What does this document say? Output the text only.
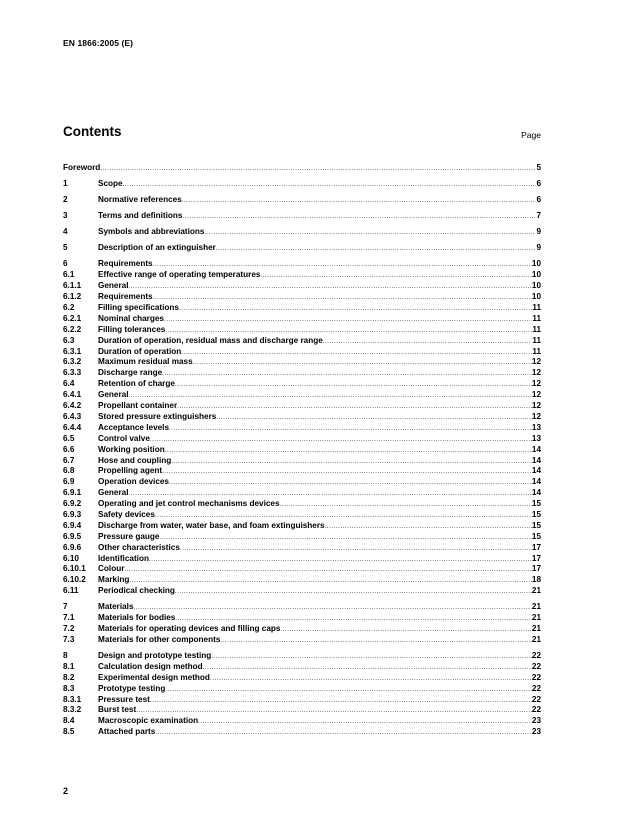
EN 1866:2005 (E)
Contents	Page
Foreword .....	5
1	Scope .....	6
2	Normative references .....	6
3	Terms and definitions .....	7
4	Symbols and abbreviations .....	9
5	Description of an extinguisher .....	9
6	Requirements .....	10
6.1	Effective range of operating temperatures .....	10
6.1.1	General .....	10
6.1.2	Requirements .....	10
6.2	Filling specifications .....	11
6.2.1	Nominal charges .....	11
6.2.2	Filling tolerances .....	11
6.3	Duration of operation, residual mass and discharge range .....	11
6.3.1	Duration of operation .....	11
6.3.2	Maximum residual mass .....	12
6.3.3	Discharge range .....	12
6.4	Retention of charge .....	12
6.4.1	General .....	12
6.4.2	Propellant container .....	12
6.4.3	Stored pressure extinguishers .....	12
6.4.4	Acceptance levels .....	13
6.5	Control valve .....	13
6.6	Working position .....	14
6.7	Hose and coupling .....	14
6.8	Propelling agent .....	14
6.9	Operation devices .....	14
6.9.1	General .....	14
6.9.2	Operating and jet control mechanisms devices .....	15
6.9.3	Safety devices .....	15
6.9.4	Discharge from water, water base, and foam extinguishers .....	15
6.9.5	Pressure gauge .....	15
6.9.6	Other characteristics .....	17
6.10	Identification .....	17
6.10.1	Colour .....	17
6.10.2	Marking .....	18
6.11	Periodical checking .....	21
7	Materials .....	21
7.1	Materials for bodies .....	21
7.2	Materials for operating devices and filling caps .....	21
7.3	Materials for other components .....	21
8	Design and prototype testing .....	22
8.1	Calculation design method .....	22
8.2	Experimental design method .....	22
8.3	Prototype testing .....	22
8.3.1	Pressure test .....	22
8.3.2	Burst test .....	22
8.4	Macroscopic examination .....	23
8.5	Attached parts .....	23
2
